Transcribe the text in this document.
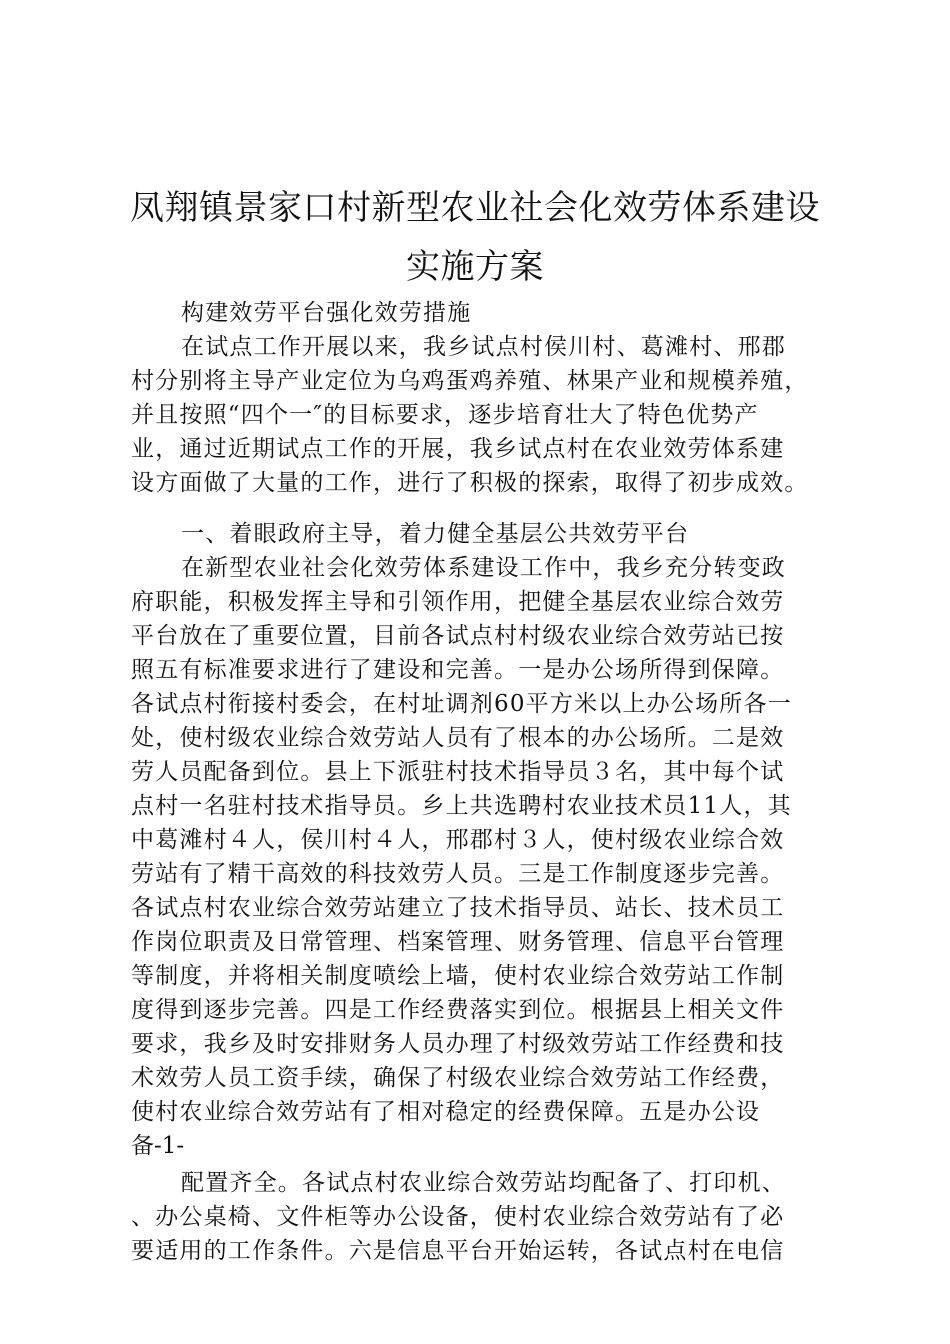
凤翔镇景家口村新型农业社会化效劳体系建设
实施方案
构建效劳平台强化效劳措施
在试点工作开展以来，我乡试点村侯川村、葛滩村、邢郡
村分别将主导产业定位为乌鸡蛋鸡养殖、林果产业和规模养殖，
并且按照“四个一″的目标要求，逐步培育壮大了特色优势产
业，通过近期试点工作的开展，我乡试点村在农业效劳体系建
设方面做了大量的工作，进行了积极的探索，取得了初步成效。
一、着眼政府主导，着力健全基层公共效劳平台
在新型农业社会化效劳体系建设工作中，我乡充分转变政
府职能，积极发挥主导和引领作用，把健全基层农业综合效劳
平台放在了重要位置，目前各试点村村级农业综合效劳站已按
照五有标准要求进行了建设和完善。一是办公场所得到保障。
各试点村衔接村委会，在村址调剂60平方米以上办公场所各一
处，使村级农业综合效劳站人员有了根本的办公场所。二是效
劳人员配备到位。县上下派驻村技术指导员３名，其中每个试
点村一名驻村技术指导员。乡上共选聘村农业技术员11人，其
中葛滩村４人，侯川村４人，邢郡村３人，使村级农业综合效
劳站有了精干高效的科技效劳人员。三是工作制度逐步完善。
各试点村农业综合效劳站建立了技术指导员、站长、技术员工
作岗位职责及日常管理、档案管理、财务管理、信息平台管理
等制度，并将相关制度喷绘上墙，使村农业综合效劳站工作制
度得到逐步完善。四是工作经费落实到位。根据县上相关文件
要求，我乡及时安排财务人员办理了村级效劳站工作经费和技
术效劳人员工资手续，确保了村级农业综合效劳站工作经费，
使村农业综合效劳站有了相对稳定的经费保障。五是办公设
备-1-
配置齐全。各试点村农业综合效劳站均配备了、打印机、
、办公桌椅、文件柜等办公设备，使村农业综合效劳站有了必
要适用的工作条件。六是信息平台开始运转，各试点村在电信
